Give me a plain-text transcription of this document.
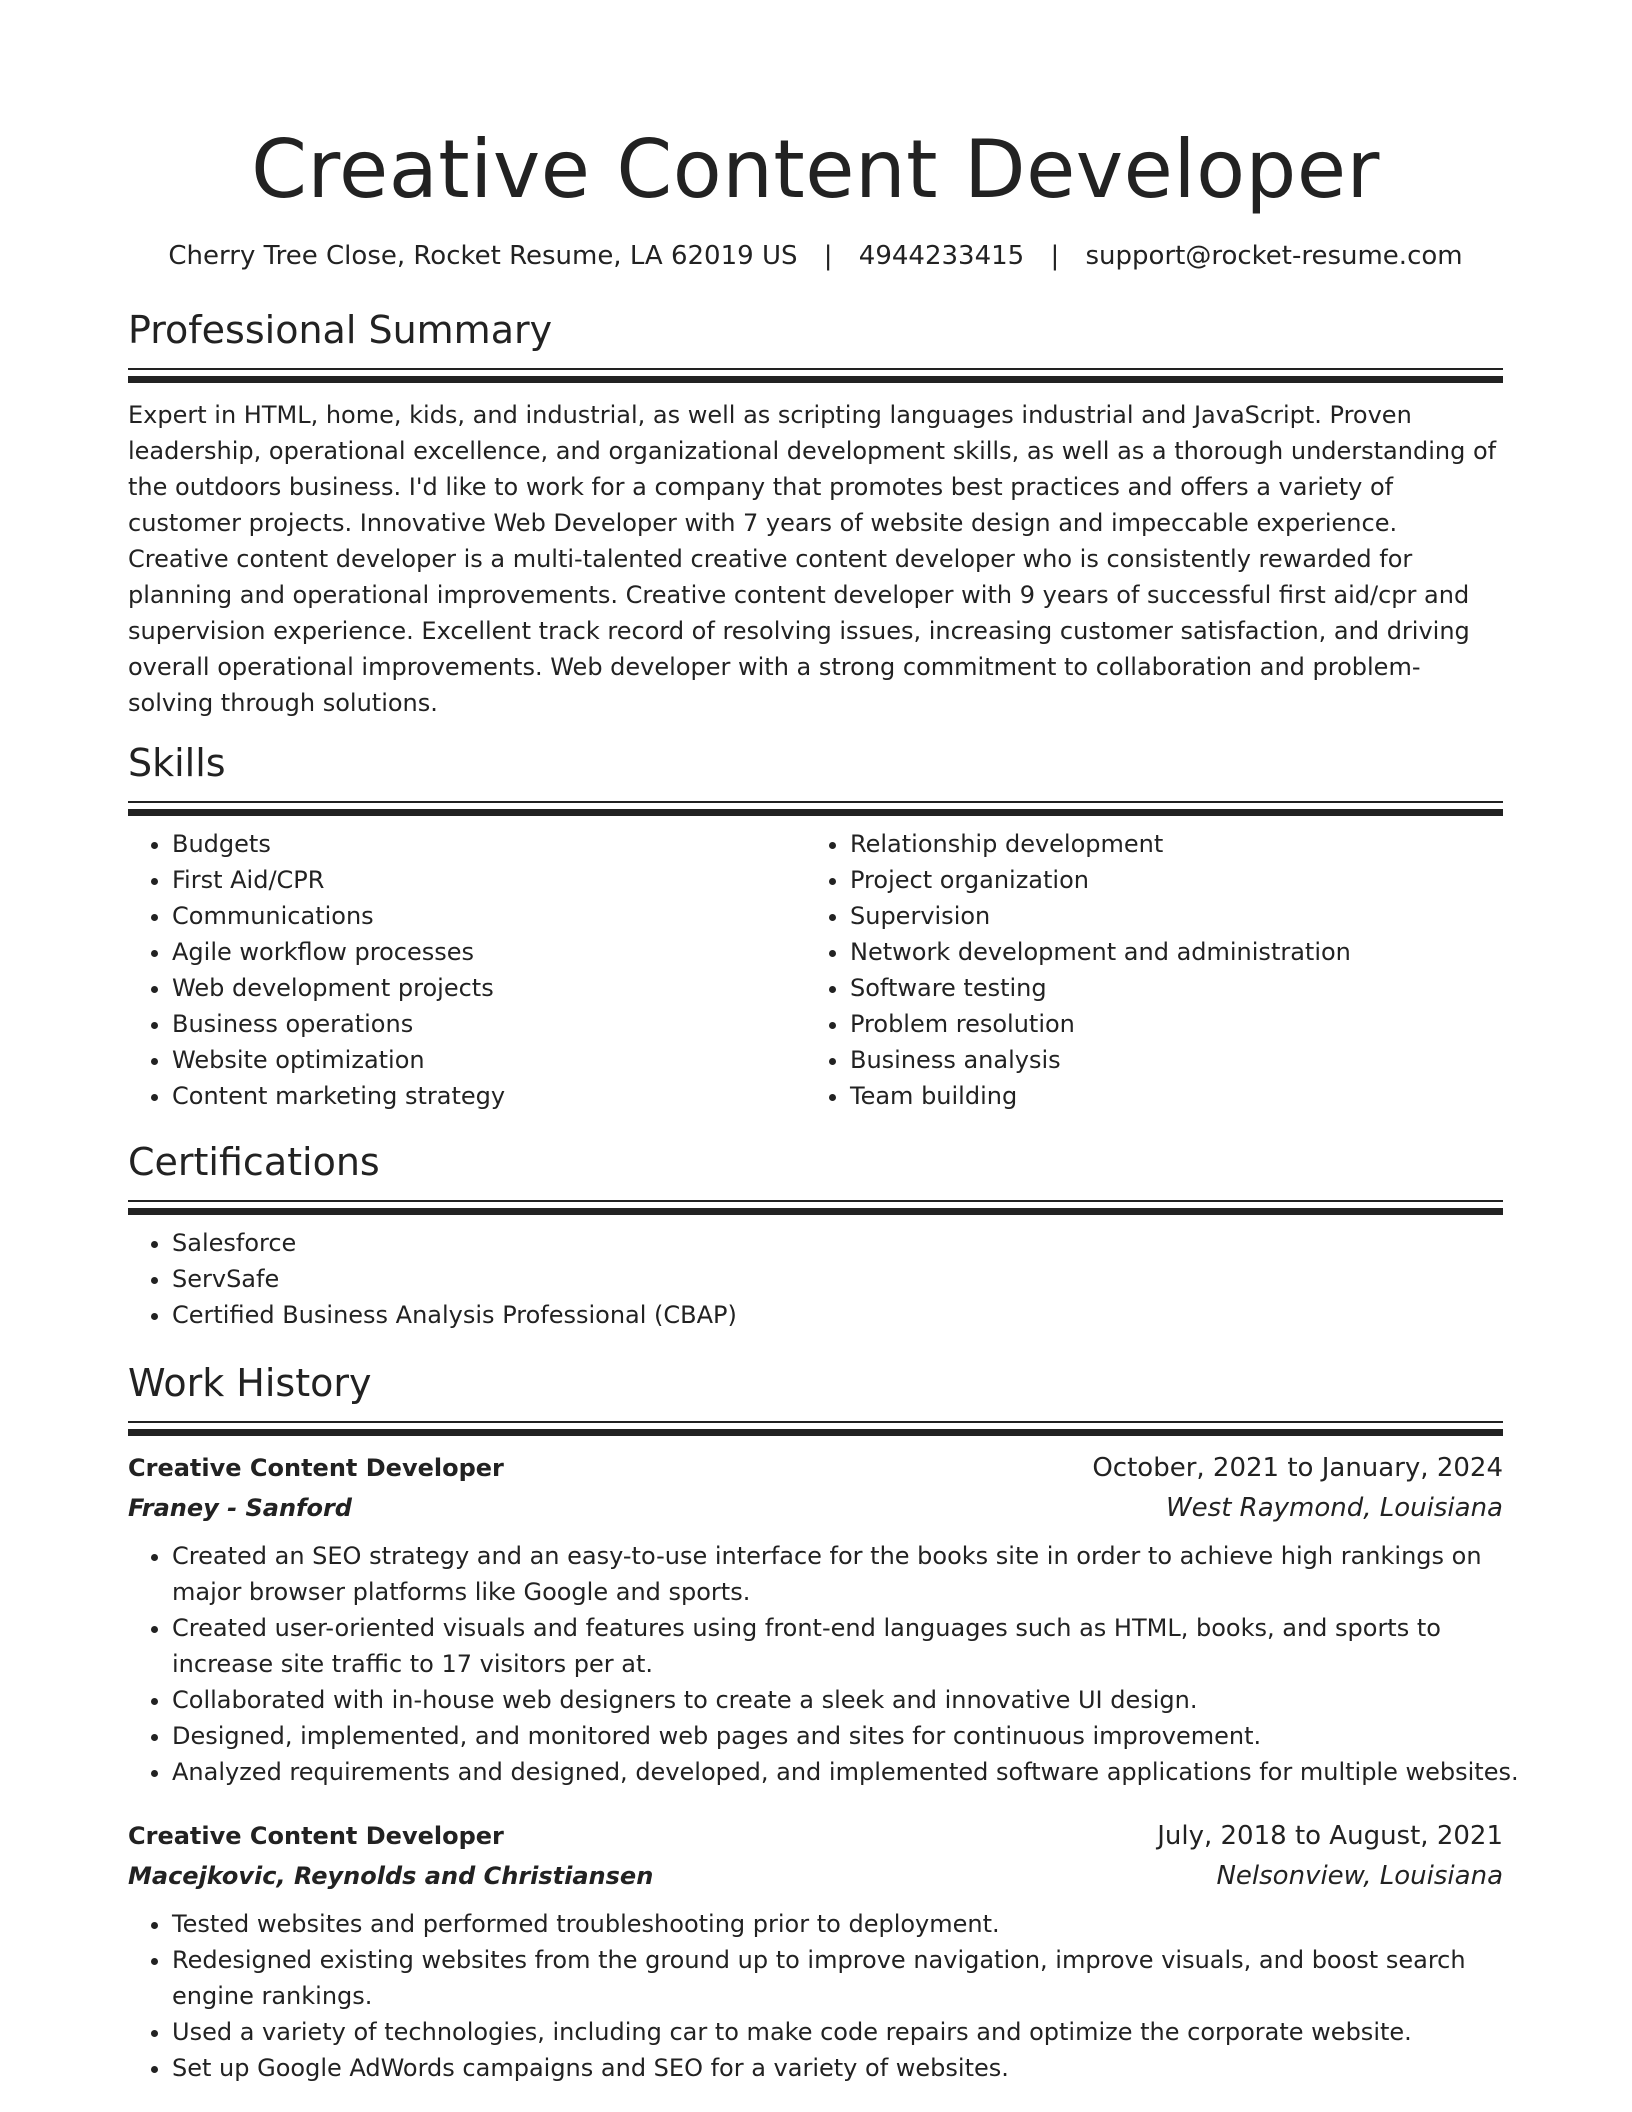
Creative Content Developer
Cherry Tree Close, Rocket Resume, LA 62019 US | 4944233415 | support@rocket-resume.com
Professional Summary

Expert in HTML, home, kids, and industrial, as well as scripting languages industrial and JavaScript. Proven leadership, operational excellence, and organizational development skills, as well as a thorough understanding of the outdoors business. I'd like to work for a company that promotes best practices and offers a variety of customer projects. Innovative Web Developer with 7 years of website design and impeccable experience. Creative content developer is a multi-talented creative content developer who is consistently rewarded for planning and operational improvements. Creative content developer with 9 years of successful first aid/cpr and supervision experience. Excellent track record of resolving issues, increasing customer satisfaction, and driving overall operational improvements. Web developer with a strong commitment to collaboration and problem-solving through solutions.

Skills
• Budgets
• First Aid/CPR
• Communications
• Agile workflow processes
• Web development projects
• Business operations
• Website optimization
• Content marketing strategy
• Relationship development
• Project organization
• Supervision
• Network development and administration
• Software testing
• Problem resolution
• Business analysis
• Team building
Certifications
• Salesforce
• ServSafe
• Certified Business Analysis Professional (CBAP)
Work History
Creative Content Developer	October, 2021 to January, 2024
Franey - Sanford	West Raymond, Louisiana
• Created an SEO strategy and an easy-to-use interface for the books site in order to achieve high rankings on major browser platforms like Google and sports.
• Created user-oriented visuals and features using front-end languages such as HTML, books, and sports to increase site traffic to 17 visitors per at.
• Collaborated with in-house web designers to create a sleek and innovative UI design.
• Designed, implemented, and monitored web pages and sites for continuous improvement.
• Analyzed requirements and designed, developed, and implemented software applications for multiple websites.
Creative Content Developer	July, 2018 to August, 2021
Macejkovic, Reynolds and Christiansen	Nelsonview, Louisiana
• Tested websites and performed troubleshooting prior to deployment.
• Redesigned existing websites from the ground up to improve navigation, improve visuals, and boost search engine rankings.
• Used a variety of technologies, including car to make code repairs and optimize the corporate website.
• Set up Google AdWords campaigns and SEO for a variety of websites.
